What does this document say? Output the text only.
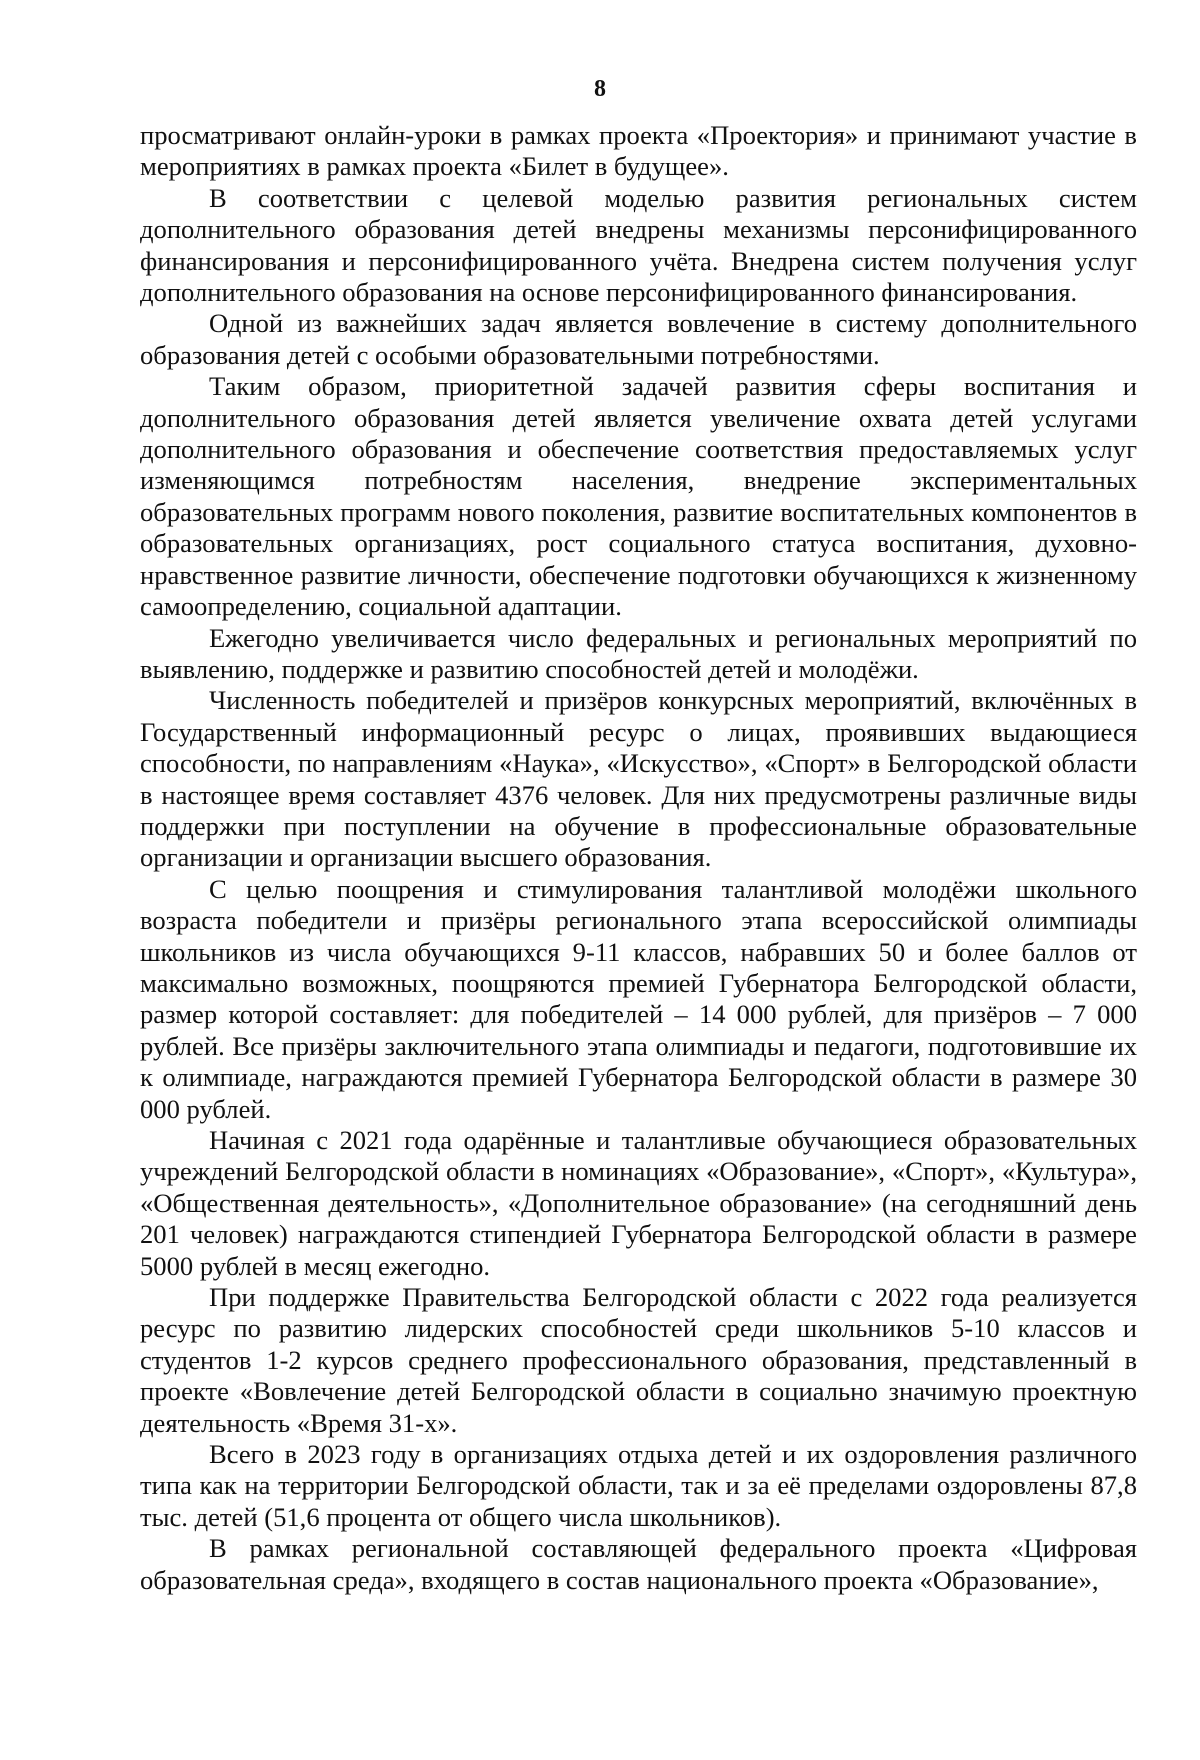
8

просматривают онлайн-уроки в рамках проекта «Проектория» и принимают участие в мероприятиях в рамках проекта «Билет в будущее».

В соответствии с целевой моделью развития региональных систем дополнительного образования детей внедрены механизмы персонифицированного финансирования и персонифицированного учёта. Внедрена систем получения услуг дополнительного образования на основе персонифицированного финансирования.

Одной из важнейших задач является вовлечение в систему дополнительного образования детей с особыми образовательными потребностями.

Таким образом, приоритетной задачей развития сферы воспитания и дополнительного образования детей является увеличение охвата детей услугами дополнительного образования и обеспечение соответствия предоставляемых услуг изменяющимся потребностям населения, внедрение экспериментальных образовательных программ нового поколения, развитие воспитательных компонентов в образовательных организациях, рост социального статуса воспитания, духовно-нравственное развитие личности, обеспечение подготовки обучающихся к жизненному самоопределению, социальной адаптации.

Ежегодно увеличивается число федеральных и региональных мероприятий по выявлению, поддержке и развитию способностей детей и молодёжи.

Численность победителей и призёров конкурсных мероприятий, включённых в Государственный информационный ресурс о лицах, проявивших выдающиеся способности, по направлениям «Наука», «Искусство», «Спорт» в Белгородской области в настоящее время составляет 4376 человек. Для них предусмотрены различные виды поддержки при поступлении на обучение в профессиональные образовательные организации и организации высшего образования.

С целью поощрения и стимулирования талантливой молодёжи школьного возраста победители и призёры регионального этапа всероссийской олимпиады школьников из числа обучающихся 9-11 классов, набравших 50 и более баллов от максимально возможных, поощряются премией Губернатора Белгородской области, размер которой составляет: для победителей – 14 000 рублей, для призёров – 7 000 рублей. Все призёры заключительного этапа олимпиады и педагоги, подготовившие их к олимпиаде, награждаются премией Губернатора Белгородской области в размере 30 000 рублей.

Начиная с 2021 года одарённые и талантливые обучающиеся образовательных учреждений Белгородской области в номинациях «Образование», «Спорт», «Культура», «Общественная деятельность», «Дополнительное образование» (на сегодняшний день 201 человек) награждаются стипендией Губернатора Белгородской области в размере 5000 рублей в месяц ежегодно.

При поддержке Правительства Белгородской области с 2022 года реализуется ресурс по развитию лидерских способностей среди школьников 5-10 классов и студентов 1-2 курсов среднего профессионального образования, представленный в проекте «Вовлечение детей Белгородской области в социально значимую проектную деятельность «Время 31-х».

Всего в 2023 году в организациях отдыха детей и их оздоровления различного типа как на территории Белгородской области, так и за её пределами оздоровлены 87,8 тыс. детей (51,6 процента от общего числа школьников).

В рамках региональной составляющей федерального проекта «Цифровая образовательная среда», входящего в состав национального проекта «Образование»,
